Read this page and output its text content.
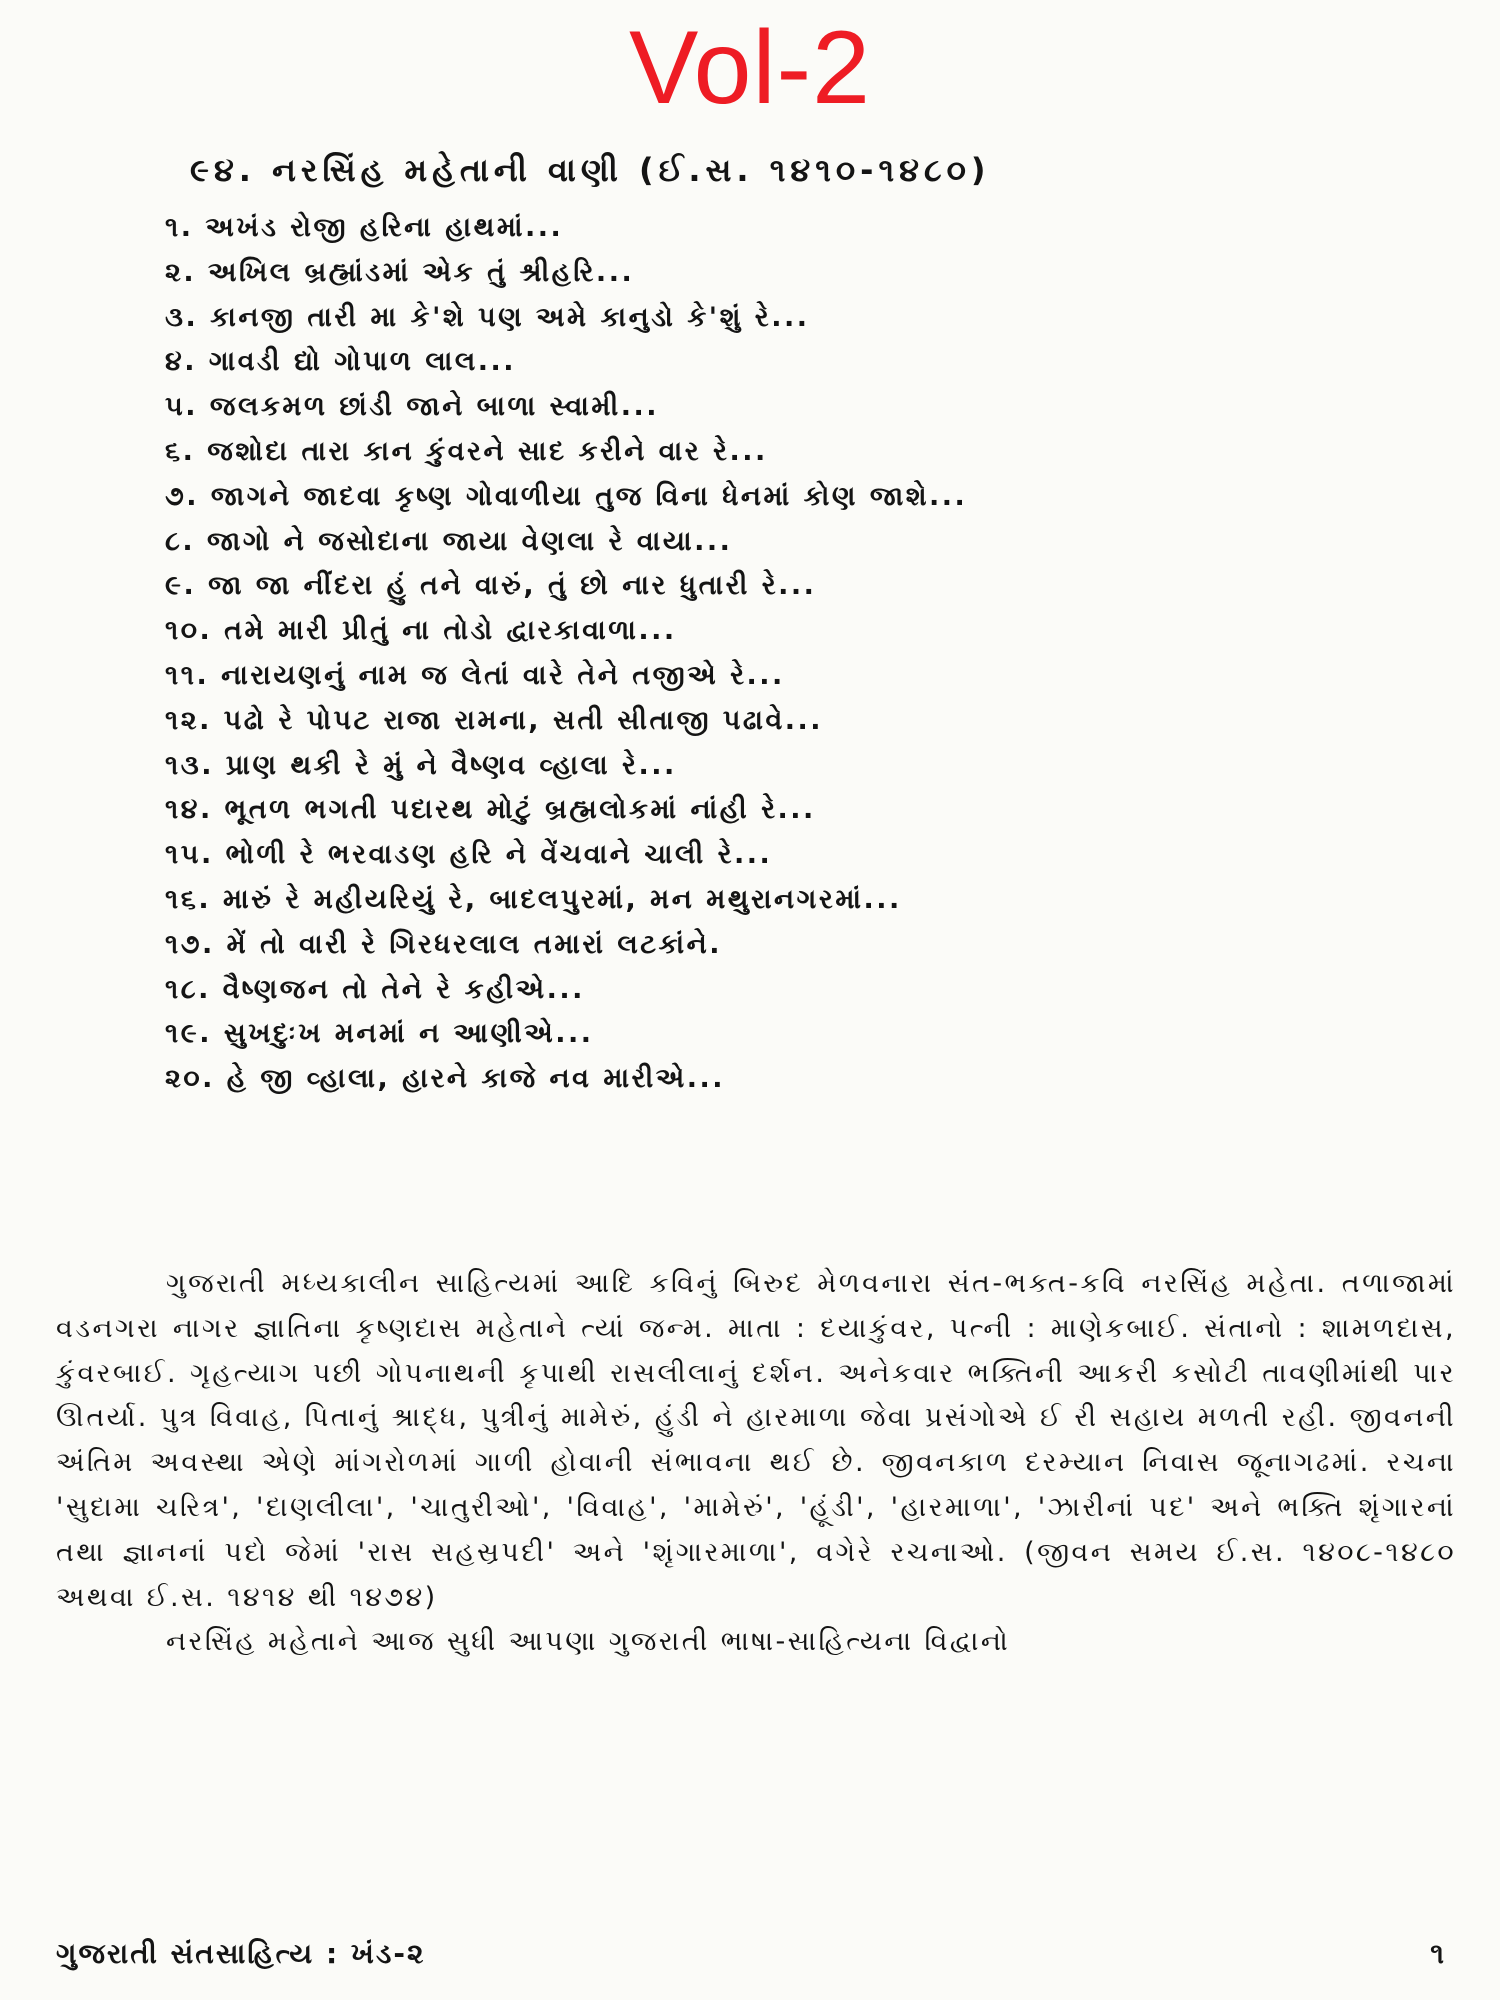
Vol-2
૯૪. નરસિંહ મહેતાની વાણી (ઈ.સ. ૧૪૧૦-૧૪૮૦)
૧. અખંડ રોજી હરિના હાથમાં...
૨. અખિલ બ્રહ્માંડમાં એક તું શ્રીહરિ...
૩. કાનજી તારી મા કે'શે પણ અમે કાનુડો કે'શું રે...
૪. ગાવડી દ્યો ગોપાળ લાલ...
૫. જલકમળ છાંડી જાને બાળા સ્વામી...
૬. જશોદા તારા કાન કુંવરને સાદ કરીને વાર રે...
૭. જાગને જાદવા કૃષ્ણ ગોવાળીયા તુજ વિના ધેનમાં કોણ જાશે...
૮. જાગો ને જસોદાના જાયા વેણલા રે વાયા...
૯. જા જા નીંદરા હું તને વારું, તું છો નાર ધુતારી રે...
૧૦. તમે મારી પ્રીતું ના તોડો દ્વારકાવાળા...
૧૧. નારાયણનું નામ જ લેતાં વારે તેને તજીએ રે...
૧૨. પઢો રે પોપટ રાજા રામના, સતી સીતાજી પઢાવે...
૧૩. પ્રાણ થકી રે મું ને વૈષ્ણવ વ્હાલા રે...
૧૪. ભૂતળ ભગતી પદારથ મોટું બ્રહ્મલોકમાં નાંહી રે...
૧૫. ભોળી રે ભરવાડણ હરિ ને વેંચવાને ચાલી રે...
૧૬. મારું રે મહીયરિયું રે, બાદલપુરમાં, મન મથુરાનગરમાં...
૧૭. મેં તો વારી રે ગિરધરલાલ તમારાં લટકાંને.
૧૮. વૈષ્ણજન તો તેને રે કહીએ...
૧૯. સુખદુઃખ મનમાં ન આણીએ...
૨૦. હે જી વ્હાલા, હારને કાજે નવ મારીએ...

ગુજરાતી મધ્યકાલીન સાહિત્યમાં આદિ કવિનું બિરુદ મેળવનારા સંત-ભક્ત-કવિ નરસિંહ મહેતા. તળાજામાં વડનગરા નાગર જ્ઞાતિના કૃષ્ણદાસ મહેતાને ત્યાં જન્મ. માતા : દયાકુંવર, પત્ની : માણેકબાઈ. સંતાનો : શામળદાસ, કુંવરબાઈ. ગૃહત્યાગ પછી ગોપનાથની કૃપાથી રાસલીલાનું દર્શન. અનેકવાર ભક્તિની આકરી કસોટી તાવણીમાંથી પાર ઊતર્યા. પુત્ર વિવાહ, પિતાનું શ્રાદ્ધ, પુત્રીનું મામેરું, હુંડી ને હારમાળા જેવા પ્રસંગોએ ઈ રી સહાય મળતી રહી. જીવનની અંતિમ અવસ્થા એણે માંગરોળમાં ગાળી હોવાની સંભાવના થઈ છે. જીવનકાળ દરમ્યાન નિવાસ જૂનાગઢમાં. રચના 'સુદામા ચરિત્ર', 'દાણલીલા', 'ચાતુરીઓ', 'વિવાહ', 'મામેરું', 'હૂંડી', 'હારમાળા', 'ઝારીનાં પદ' અને ભક્તિ શૃંગારનાં તથા જ્ઞાનનાં પદો જેમાં 'રાસ સહસ્રપદી' અને 'શૃંગારમાળા', વગેરે રચનાઓ. (જીવન સમય ઈ.સ. ૧૪૦૮-૧૪૮૦ અથવા ઈ.સ. ૧૪૧૪ થી ૧૪૭૪)

નરસિંહ મહેતાને આજ સુધી આપણા ગુજરાતી ભાષા-સાહિત્યના વિદ્વાનો

ગુજરાતી સંતસાહિત્ય : ખંડ-૨	૧
